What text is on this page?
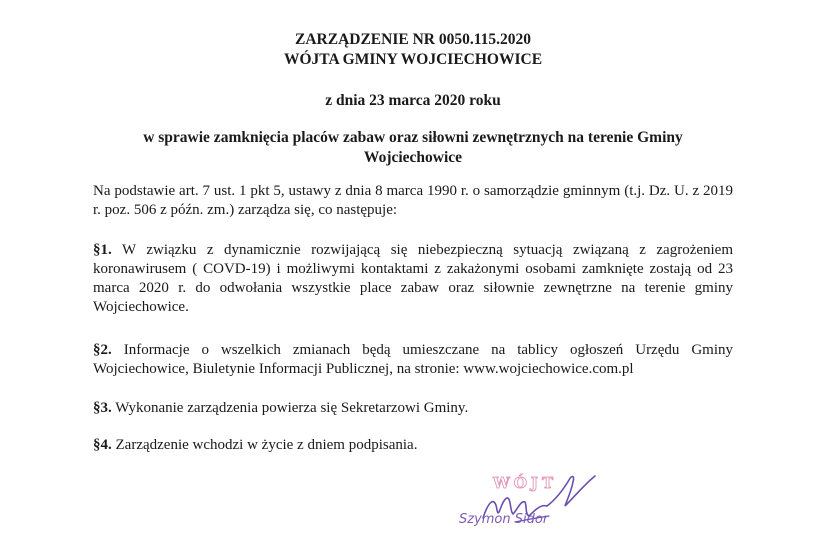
ZARZĄDZENIE NR 0050.115.2020
WÓJTA GMINY WOJCIECHOWICE
z dnia 23 marca 2020 roku
w sprawie zamknięcia placów zabaw oraz siłowni zewnętrznych na terenie Gminy Wojciechowice
Na podstawie art. 7 ust. 1 pkt 5, ustawy z dnia 8 marca 1990 r. o samorządzie gminnym (t.j. Dz. U. z 2019 r. poz. 506 z późn. zm.) zarządza się, co następuje:
§1. W związku z dynamicznie rozwijającą się niebezpieczną sytuacją związaną z zagrożeniem koronawirusem ( COVD-19) i możliwymi kontaktami z zakażonymi osobami zamknięte zostają od 23 marca 2020 r. do odwołania wszystkie place zabaw oraz siłownie zewnętrzne na terenie gminy Wojciechowice.
§2. Informacje o wszelkich zmianach będą umieszczane na tablicy ogłoszeń Urzędu Gminy Wojciechowice, Biuletynie Informacji Publicznej, na stronie: www.wojciechowice.com.pl
§3. Wykonanie zarządzenia powierza się Sekretarzowi Gminy.
§4. Zarządzenie wchodzi w życie z dniem podpisania.
WÓJT
Szymon Sidor
